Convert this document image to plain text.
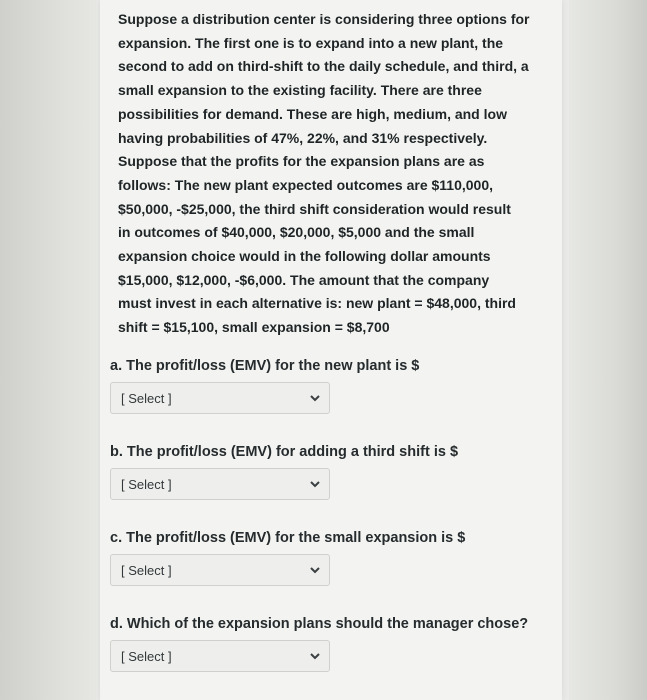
Suppose a distribution center is considering three options for
expansion. The first one is to expand into a new plant, the
second to add on third-shift to the daily schedule, and third, a
small expansion to the existing facility. There are three
possibilities for demand. These are high, medium, and low
having probabilities of 47%, 22%, and 31% respectively.
Suppose that the profits for the expansion plans are as
follows: The new plant expected outcomes are $110,000,
$50,000, -$25,000, the third shift consideration would result
in outcomes of $40,000, $20,000, $5,000 and the small
expansion choice would in the following dollar amounts
$15,000, $12,000, -$6,000. The amount that the company
must invest in each alternative is: new plant = $48,000, third
shift = $15,100, small expansion = $8,700

a. The profit/loss (EMV) for the new plant is $

[ Select ]

b. The profit/loss (EMV) for adding a third shift is $

[ Select ]

c. The profit/loss (EMV) for the small expansion is $

[ Select ]

d. Which of the expansion plans should the manager chose?

[ Select ]
